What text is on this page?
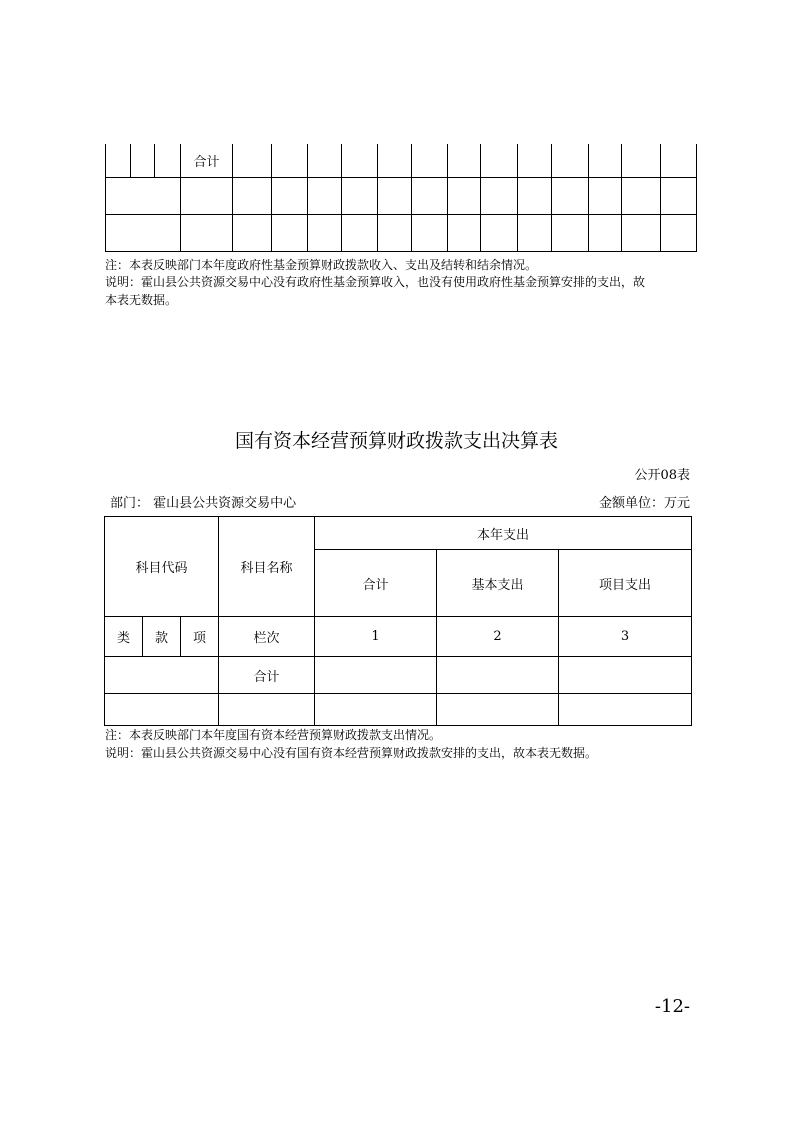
			合计													

注：本表反映部门本年度政府性基金预算财政拨款收入、支出及结转和结余情况。
说明：霍山县公共资源交易中心没有政府性基金预算收入，也没有使用政府性基金预算安排的支出，故
本表无数据。
国有资本经营预算财政拨款支出决算表
公开08表
部门： 霍山县公共资源交易中心	金额单位：万元
科目代码			科目名称	本年支出		
				合计	基本支出	项目支出
类	款	项	栏次	1	2	3
			合计			

注：本表反映部门本年度国有资本经营预算财政拨款支出情况。
说明：霍山县公共资源交易中心没有国有资本经营预算财政拨款安排的支出，故本表无数据。
-12-
